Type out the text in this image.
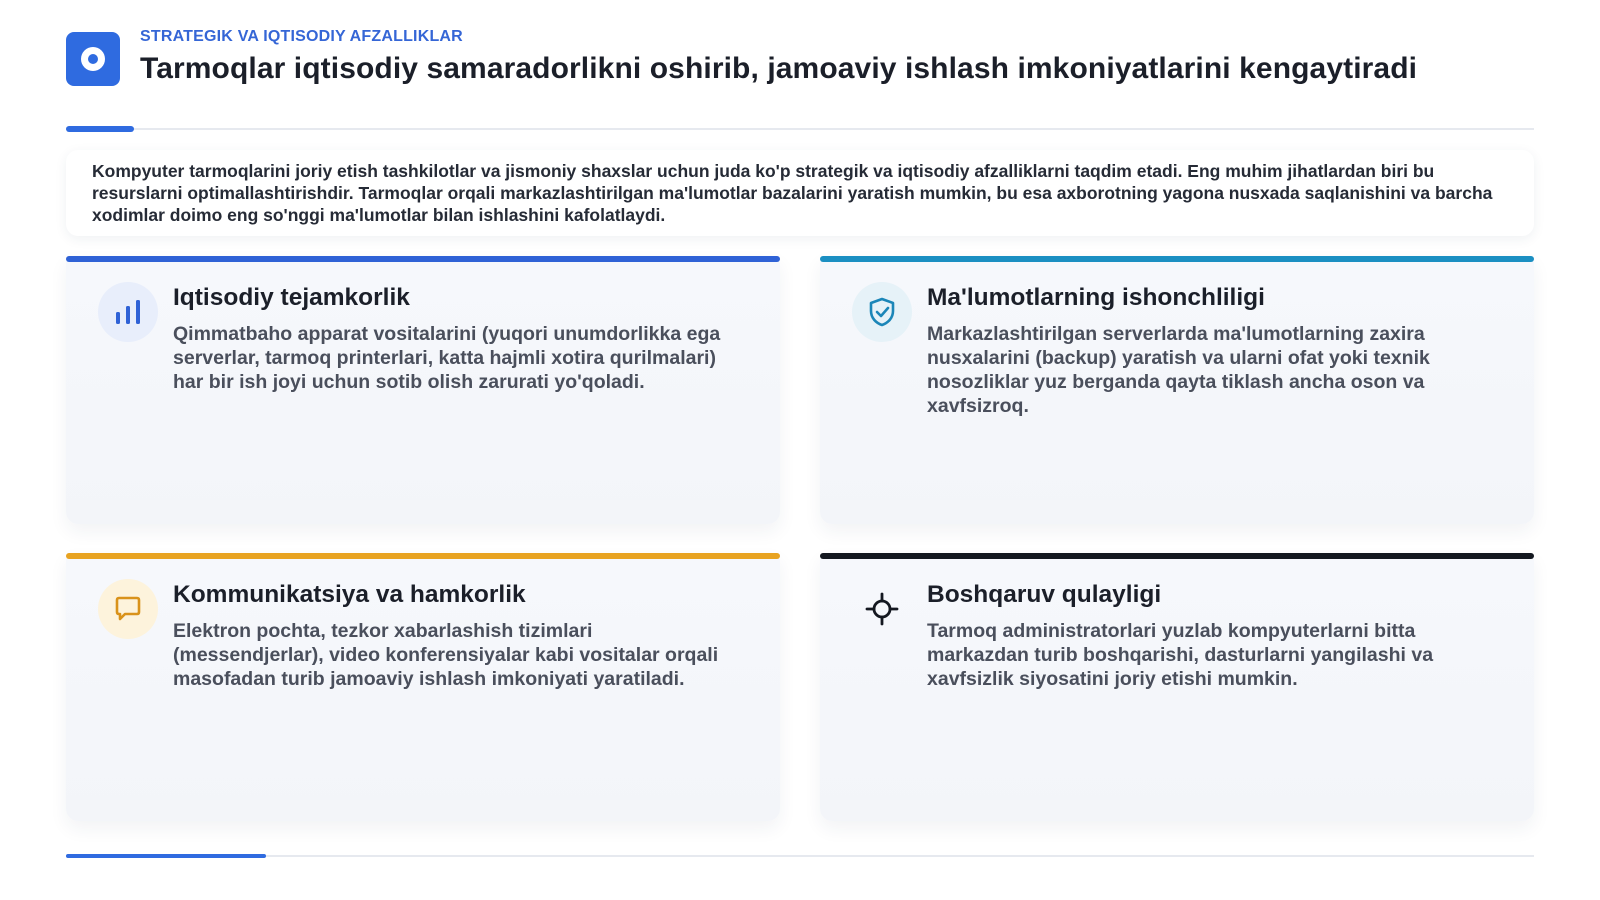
STRATEGIK VA IQTISODIY AFZALLIKLAR
Tarmoqlar iqtisodiy samaradorlikni oshirib, jamoaviy ishlash imkoniyatlarini kengaytiradi
Kompyuter tarmoqlarini joriy etish tashkilotlar va jismoniy shaxslar uchun juda ko'p strategik va iqtisodiy afzalliklarni taqdim etadi. Eng muhim jihatlardan biri bu resurslarni optimallashtirishdir. Tarmoqlar orqali markazlashtirilgan ma'lumotlar bazalarini yaratish mumkin, bu esa axborotning yagona nusxada saqlanishini va barcha xodimlar doimo eng so'nggi ma'lumotlar bilan ishlashini kafolatlaydi.
Iqtisodiy tejamkorlik
Qimmatbaho apparat vositalarini (yuqori unumdorlikka ega serverlar, tarmoq printerlari, katta hajmli xotira qurilmalari) har bir ish joyi uchun sotib olish zarurati yo'qoladi.
Ma'lumotlarning ishonchliligi
Markazlashtirilgan serverlarda ma'lumotlarning zaxira nusxalarini (backup) yaratish va ularni ofat yoki texnik nosozliklar yuz berganda qayta tiklash ancha oson va xavfsizroq.
Kommunikatsiya va hamkorlik
Elektron pochta, tezkor xabarlashish tizimlari (messendjerlar), video konferensiyalar kabi vositalar orqali masofadan turib jamoaviy ishlash imkoniyati yaratiladi.
Boshqaruv qulayligi
Tarmoq administratorlari yuzlab kompyuterlarni bitta markazdan turib boshqarishi, dasturlarni yangilashi va xavfsizlik siyosatini joriy etishi mumkin.
